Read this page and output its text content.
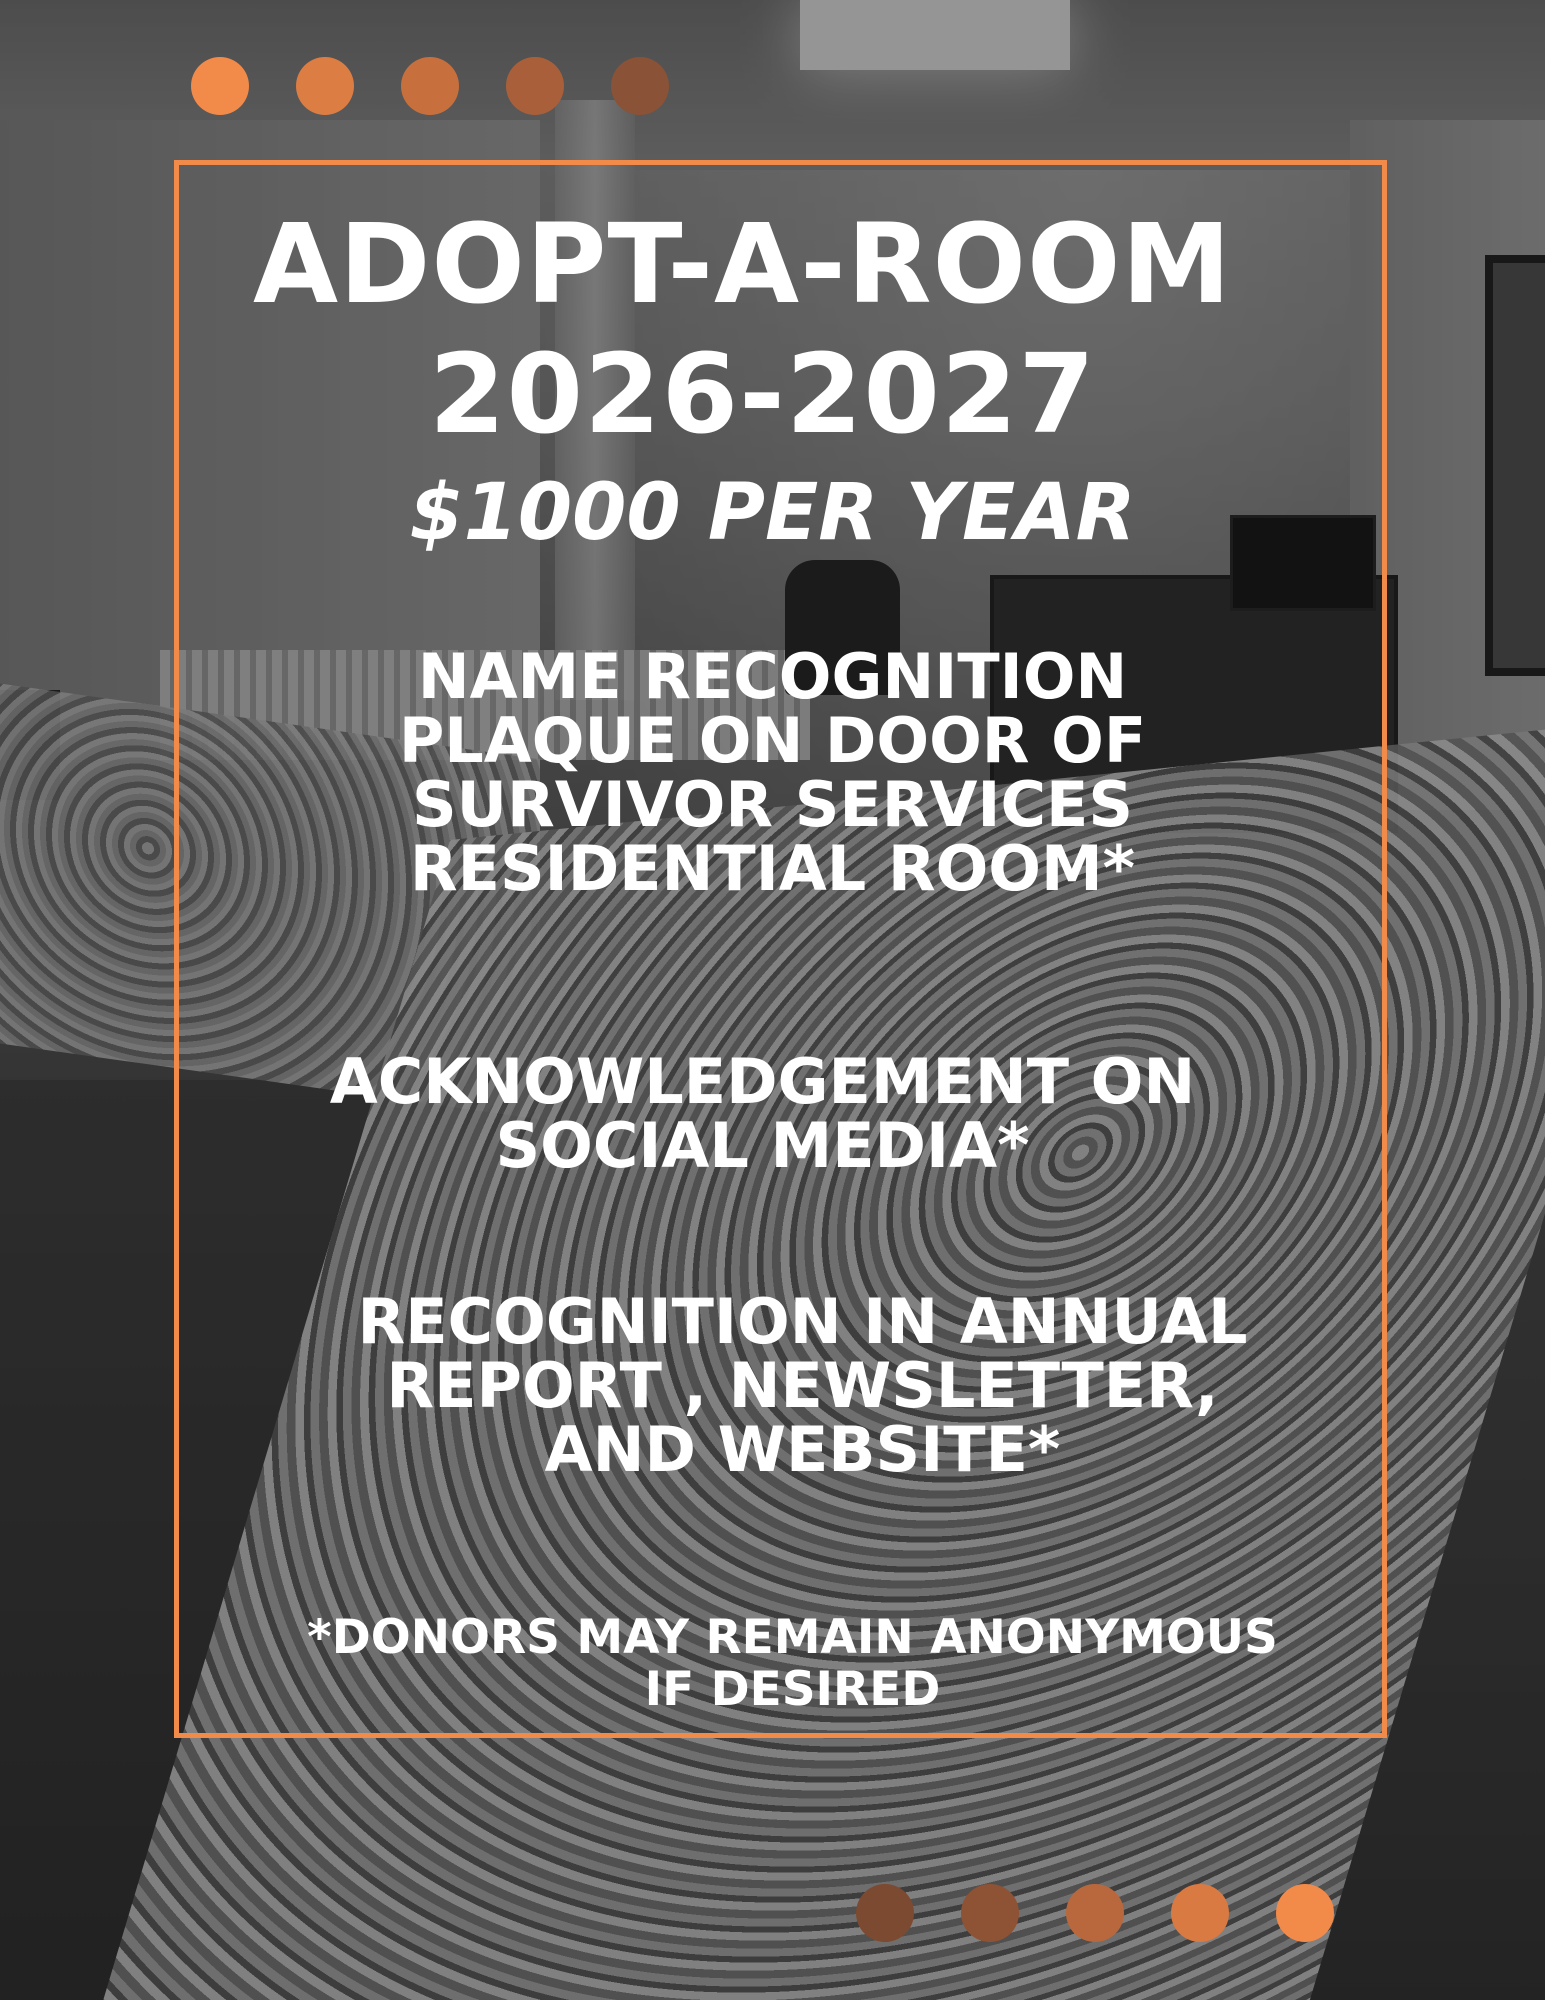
ADOPT-A-ROOM
2026-2027
$1000 PER YEAR
NAME RECOGNITION
PLAQUE ON DOOR OF
SURVIVOR SERVICES
RESIDENTIAL ROOM*
ACKNOWLEDGEMENT ON
SOCIAL MEDIA*
RECOGNITION IN ANNUAL
REPORT , NEWSLETTER,
AND WEBSITE*
*DONORS MAY REMAIN ANONYMOUS
IF DESIRED
